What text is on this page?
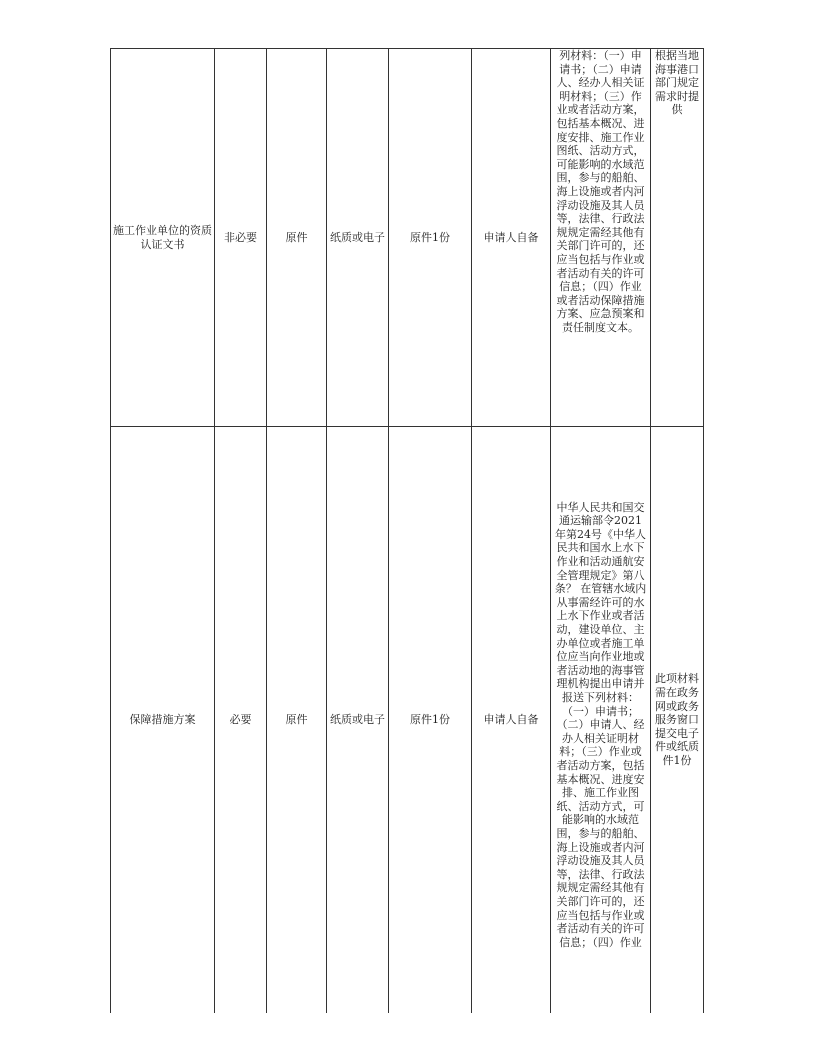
施工作业单位的资质认证文书	非必要	原件	纸质或电子	原件1份	申请人自备	列材料：（一）申请书；（二）申请人、经办人相关证明材料；（三）作业或者活动方案，包括基本概况、进度安排、施工作业图纸、活动方式，可能影响的水域范围，参与的船舶、海上设施或者内河浮动设施及其人员等，法律、行政法规规定需经其他有关部门许可的，还应当包括与作业或者活动有关的许可信息；（四）作业或者活动保障措施方案、应急预案和责任制度文本。	根据当地海事港口部门规定需求时提供
保障措施方案	必要	原件	纸质或电子	原件1份	申请人自备	中华人民共和国交通运输部令2021年第24号《中华人民共和国水上水下作业和活动通航安全管理规定》第八条？ 在管辖水域内从事需经许可的水上水下作业或者活动，建设单位、主办单位或者施工单位应当向作业地或者活动地的海事管理机构提出申请并报送下列材料：（一）申请书；（二）申请人、经办人相关证明材料；（三）作业或者活动方案，包括基本概况、进度安排、施工作业图纸、活动方式，可能影响的水域范围，参与的船舶、海上设施或者内河浮动设施及其人员等，法律、行政法规规定需经其他有关部门许可的，还应当包括与作业或者活动有关的许可信息；（四）作业	此项材料需在政务网或政务服务窗口提交电子件或纸质件1份
